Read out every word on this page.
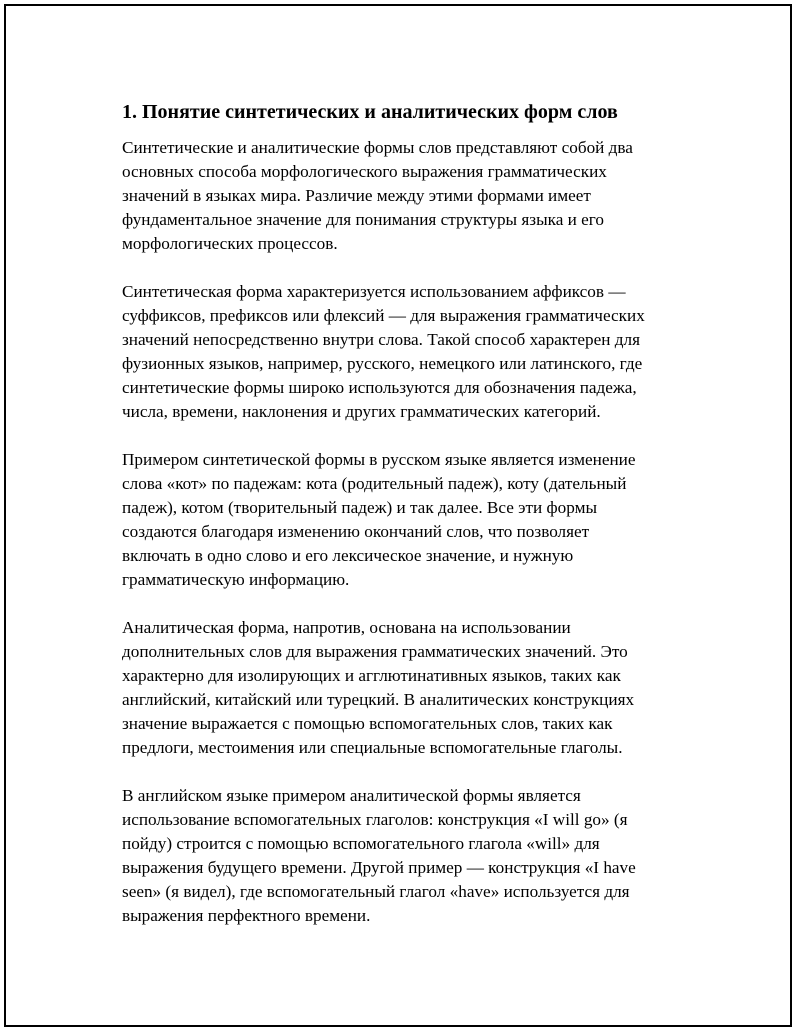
1. Понятие синтетических и аналитических форм слов

Синтетические и аналитические формы слов представляют собой два
основных способа морфологического выражения грамматических
значений в языках мира. Различие между этими формами имеет
фундаментальное значение для понимания структуры языка и его
морфологических процессов.

Синтетическая форма характеризуется использованием аффиксов —
суффиксов, префиксов или флексий — для выражения грамматических
значений непосредственно внутри слова. Такой способ характерен для
фузионных языков, например, русского, немецкого или латинского, где
синтетические формы широко используются для обозначения падежа,
числа, времени, наклонения и других грамматических категорий.

Примером синтетической формы в русском языке является изменение
слова «кот» по падежам: кота (родительный падеж), коту (дательный
падеж), котом (творительный падеж) и так далее. Все эти формы
создаются благодаря изменению окончаний слов, что позволяет
включать в одно слово и его лексическое значение, и нужную
грамматическую информацию.

Аналитическая форма, напротив, основана на использовании
дополнительных слов для выражения грамматических значений. Это
характерно для изолирующих и агглютинативных языков, таких как
английский, китайский или турецкий. В аналитических конструкциях
значение выражается с помощью вспомогательных слов, таких как
предлоги, местоимения или специальные вспомогательные глаголы.

В английском языке примером аналитической формы является
использование вспомогательных глаголов: конструкция «I will go» (я
пойду) строится с помощью вспомогательного глагола «will» для
выражения будущего времени. Другой пример — конструкция «I have
seen» (я видел), где вспомогательный глагол «have» используется для
выражения перфектного времени.
